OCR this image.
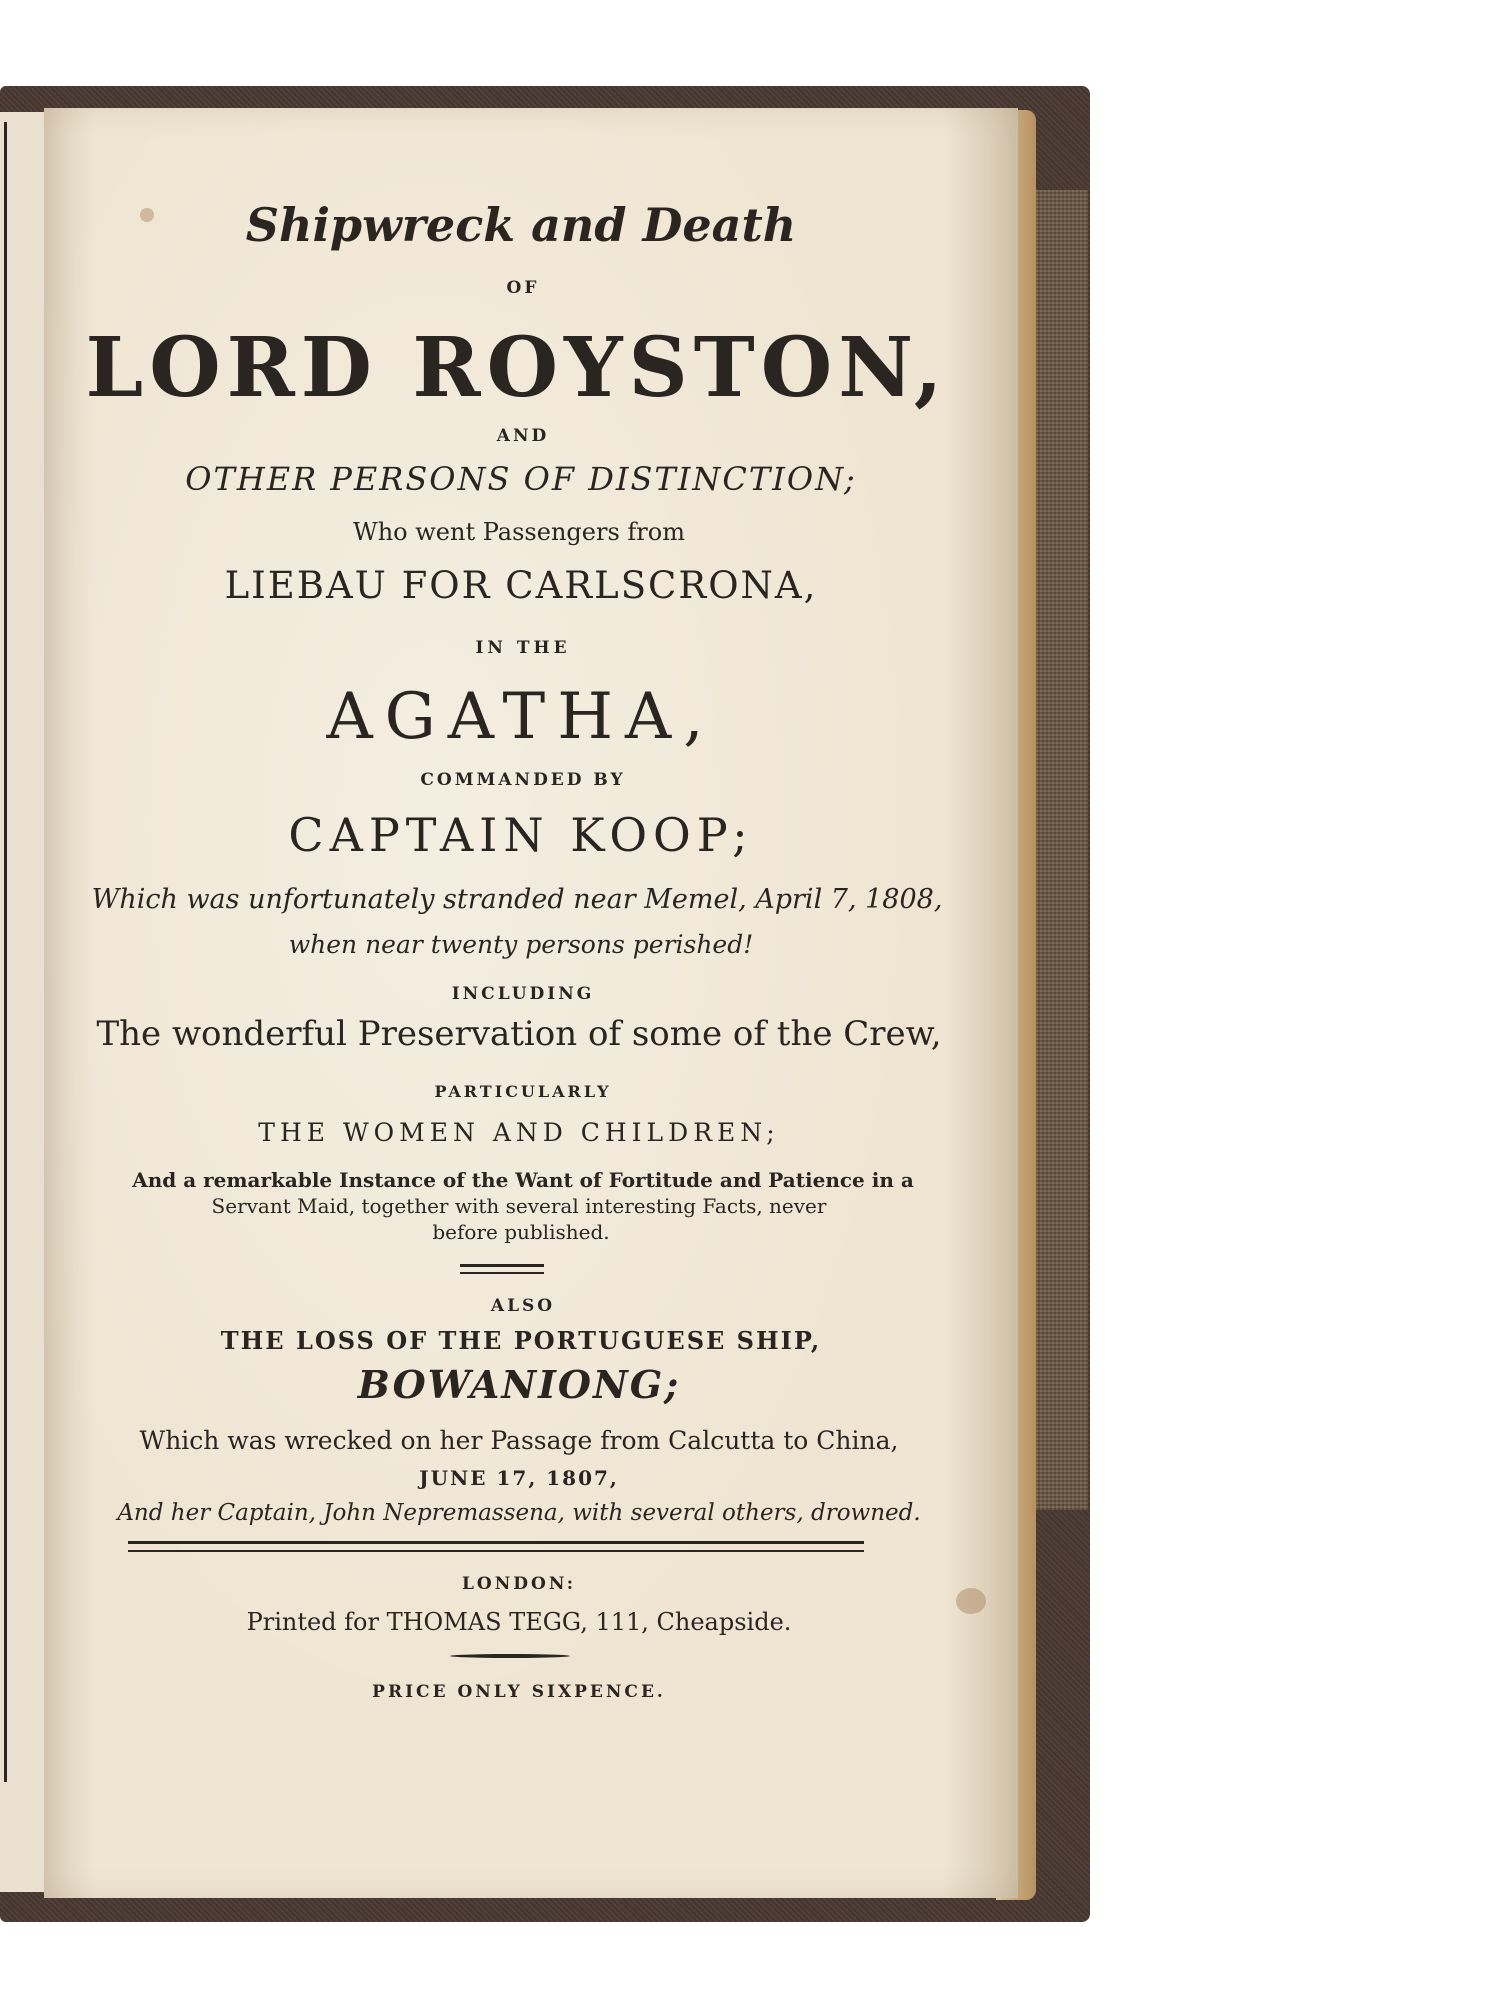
Shipwreck and Death
OF
LORD ROYSTON,
AND
OTHER PERSONS OF DISTINCTION;
Who went Passengers from
LIEBAU FOR CARLSCRONA,
IN THE
AGATHA,
COMMANDED BY
CAPTAIN KOOP;
Which was unfortunately stranded near Memel, April 7, 1808,
when near twenty persons perished!
INCLUDING
The wonderful Preservation of some of the Crew,
PARTICULARLY
THE WOMEN AND CHILDREN;
And a remarkable Instance of the Want of Fortitude and Patience in a
Servant Maid, together with several interesting Facts, never
before published.
ALSO
THE LOSS OF THE PORTUGUESE SHIP,
BOWANIONG;
Which was wrecked on her Passage from Calcutta to China,
JUNE 17, 1807,
And her Captain, John Nepremassena, with several others, drowned.
LONDON:
Printed for THOMAS TEGG, 111, Cheapside.
PRICE ONLY SIXPENCE.
